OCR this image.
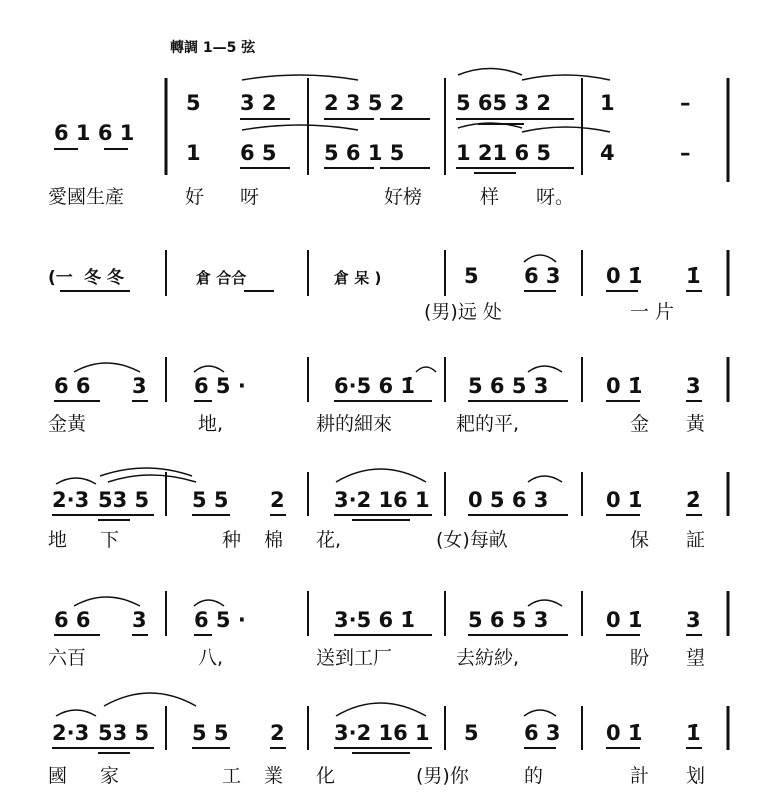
轉調 1—5 弦
6 1 6 1
5 3 2 2 3 5 2 5 65 3 2 1	–
1 6 5 5 6 1 5 1 21 6 5 4	–
愛國生產	好 呀	好榜	样 呀。
(一 冬 冬	倉 合合	倉 呆 )	5 6 3 0 1̇ 1̇
(男)远 处	一 片
6 6 3 6 5 ·	6·5 6 1̇	5 6 5 3	0 1̇ 3
金黃	地,	耕的細來	耙的平,	金 黃
2·3 53 5 5 5 2 3·2 16 1 0 5 6 3	0 1̇ 2̇
地 下	种 棉 花,	(女)每畝	保 証
6 6 3 6 5 ·	3·5 6 1̇	5 6 5 3	0 1̇ 3
六百	八,	送到工厂	去紡紗,	盼 望
2·3 53 5 5 5 2 3·2 16 1 5 6 3 0 1̇ 1̇
國 家	工 業 化	(男)你	的	計 划
